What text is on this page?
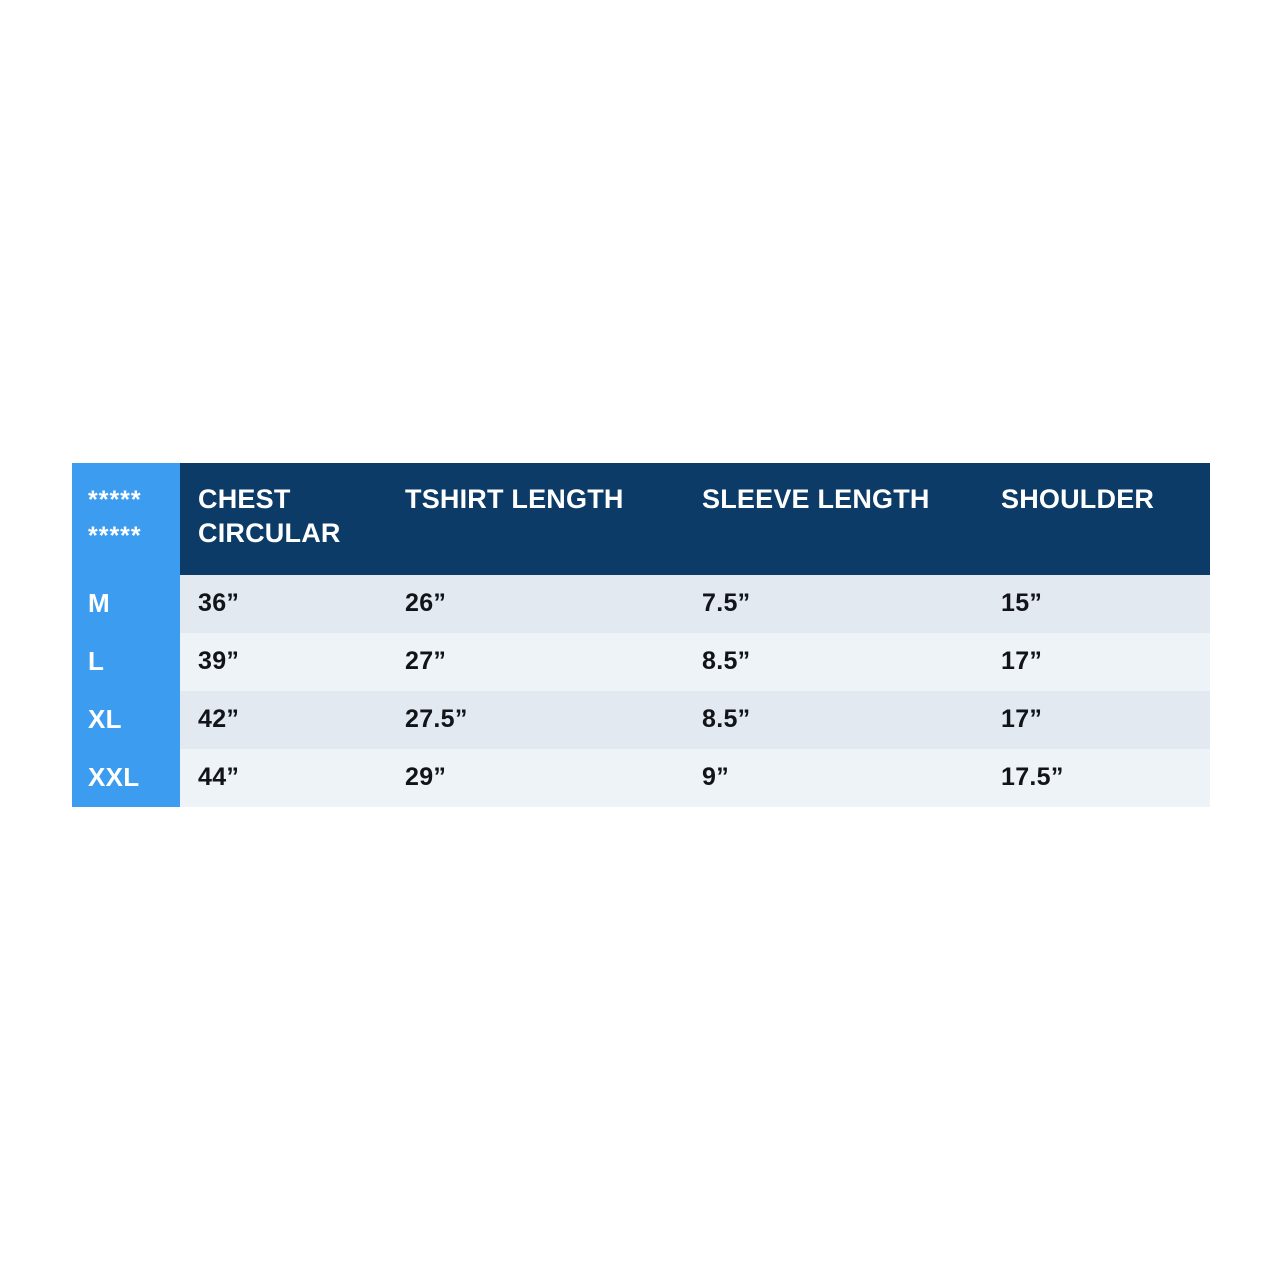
*****
*****	CHEST CIRCULAR	TSHIRT LENGTH	SLEEVE LENGTH	SHOULDER
M	36”	26”	7.5”	15”
L	39”	27”	8.5”	17”
XL	42”	27.5”	8.5”	17”
XXL	44”	29”	9”	17.5”
